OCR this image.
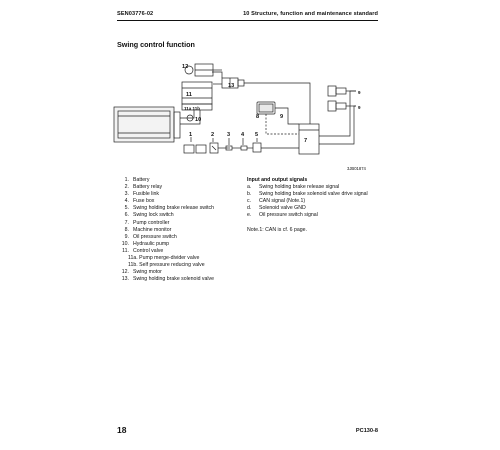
SEN03776-02	10 Structure, function and maintenance standard
Swing control function
12
13
11
11a 11b
10	8	9
7
1	2 3 4 5
3JB01874
9
9
1. Battery
2. Battery relay
3. Fusible link
4. Fuse box
5. Swing holding brake release switch
6. Swing lock switch
7. Pump controller
8. Machine monitor
9. Oil pressure switch
10. Hydraulic pump
11. Control valve
11a. Pump merge-divider valve
11b. Self pressure reducing valve
12. Swing motor
13. Swing holding brake solenoid valve
Input and output signals
a.	Swing holding brake release signal
b.	Swing holding brake solenoid valve drive signal
c.	CAN signal (Note.1)
d.	Solenoid valve GND
e.	Oil pressure switch signal
Note.1: CAN is cf. 6 page.
18	PC130-8
